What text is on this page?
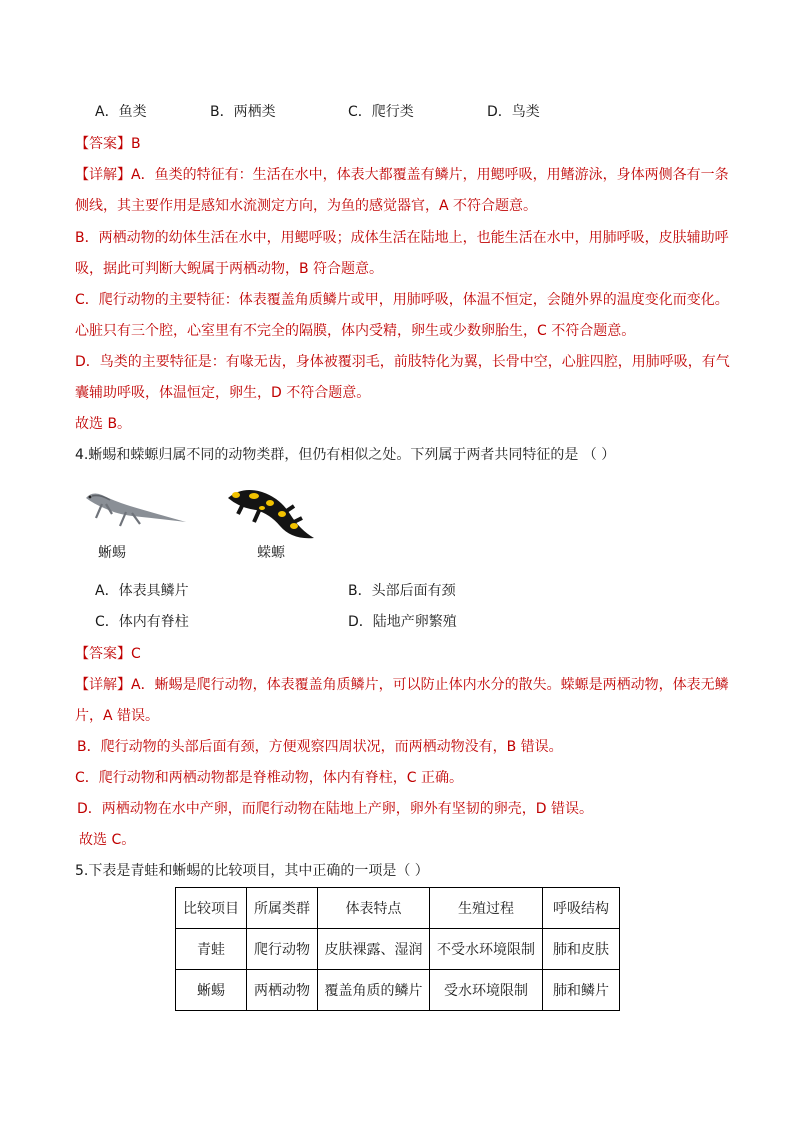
A．鱼类	B．两栖类	C．爬行类	D．鸟类
【答案】B
【详解】A．鱼类的特征有：生活在水中，体表大都覆盖有鳞片，用鳃呼吸，用鳍游泳，身体两侧各有一条
侧线，其主要作用是感知水流测定方向，为鱼的感觉器官，A 不符合题意。
B．两栖动物的幼体生活在水中，用鳃呼吸；成体生活在陆地上，也能生活在水中，用肺呼吸，皮肤辅助呼
吸，据此可判断大鲵属于两栖动物，B 符合题意。
C．爬行动物的主要特征：体表覆盖角质鳞片或甲，用肺呼吸，体温不恒定，会随外界的温度变化而变化。
心脏只有三个腔，心室里有不完全的隔膜，体内受精，卵生或少数卵胎生，C 不符合题意。
D．鸟类的主要特征是：有喙无齿，身体被覆羽毛，前肢特化为翼，长骨中空，心脏四腔，用肺呼吸，有气
囊辅助呼吸，体温恒定，卵生，D 不符合题意。
故选 B。
4.蜥蜴和蝾螈归属不同的动物类群，但仍有相似之处。下列属于两者共同特征的是 （ ）
蜥蜴	蝾螈
A．体表具鳞片	B．头部后面有颈
C．体内有脊柱	D．陆地产卵繁殖
【答案】C
【详解】A．蜥蜴是爬行动物，体表覆盖角质鳞片，可以防止体内水分的散失。蝾螈是两栖动物，体表无鳞
片，A 错误。
B．爬行动物的头部后面有颈，方便观察四周状况，而两栖动物没有，B 错误。
C．爬行动物和两栖动物都是脊椎动物，体内有脊柱，C 正确。
D．两栖动物在水中产卵，而爬行动物在陆地上产卵，卵外有坚韧的卵壳，D 错误。
故选 C。
5.下表是青蛙和蜥蜴的比较项目，其中正确的一项是（ ）
比较项目	所属类群	体表特点	生殖过程	呼吸结构
青蛙	爬行动物	皮肤裸露、湿润	不受水环境限制	肺和皮肤
蜥蜴	两栖动物	覆盖角质的鳞片	受水环境限制	肺和鳞片
